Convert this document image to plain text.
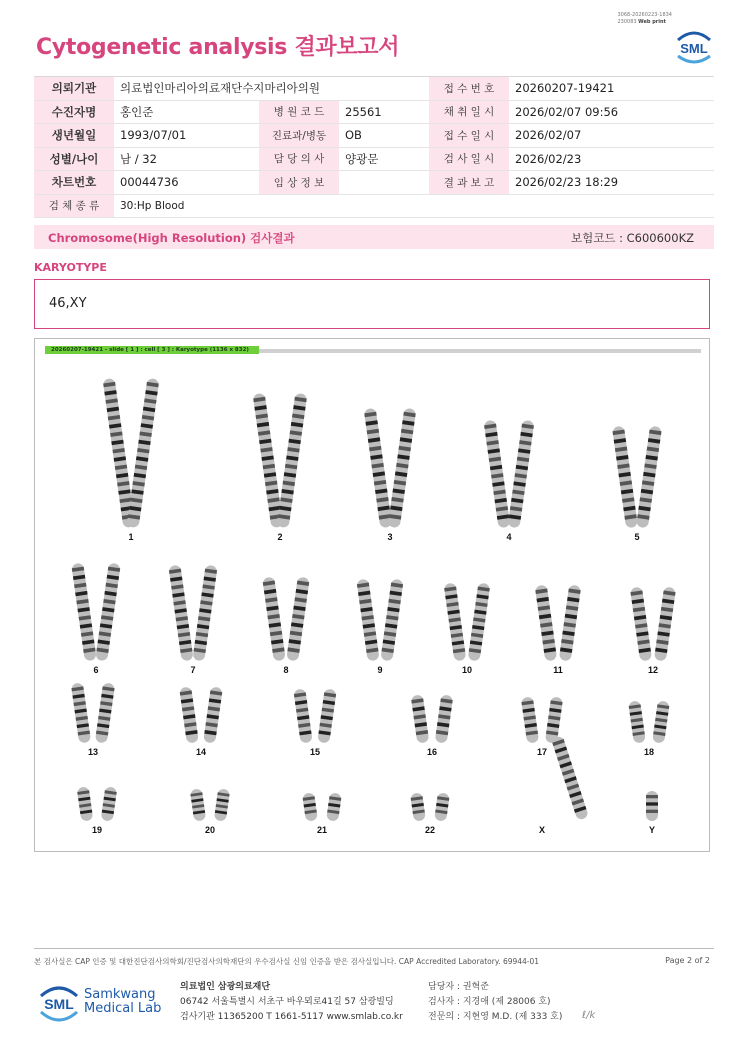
3068-20260223-1834
230083 Web print
Cytogenetic analysis 결과보고서	SML
의뢰기관	의료법인마리아의료재단수지마리아의원			접 수 번 호	20260207-19421
수진자명	홍인준	병 원 코 드	25561	채 취 일 시	2026/02/07 09:56
생년월일	1993/07/01	진료과/병동	OB	접 수 일 시	2026/02/07
성별/나이	남 / 32	담 당 의 사	양광문	검 사 일 시	2026/02/23
차트번호	00044736	임 상 정 보		결 과 보 고	2026/02/23 18:29
검 체 종 류	30:Hp Blood				
Chromosome(High Resolution) 검사결과	보험코드 : C600600KZ
KARYOTYPE
46,XY
20260207-19421 - slide [ 1 ] : cell [ 3 ] : Karyotype (1136 x 832)
1	2	3	4	5
6	7	8	9	10	11	12
13	14	15	16	17	18
19	20	21	22	X	Y
본 검사실은 CAP 인증 및 대한진단검사의학회/진단검사의학재단의 우수검사실 신임 인증을 받은 검사실입니다. CAP Accredited Laboratory. 69944-01	Page 2 of 2
SML
Samkwang
Medical Lab
의료법인 삼광의료재단
06742 서울특별시 서초구 바우뫼로41길 57 삼광빌딩
검사기관 11365200 T 1661-5117 www.smlab.co.kr
담당자 : 권혁준
검사자 : 지경애 (제 28006 호)
전문의 : 지현영 M.D. (제 333 호) ℓ/k
